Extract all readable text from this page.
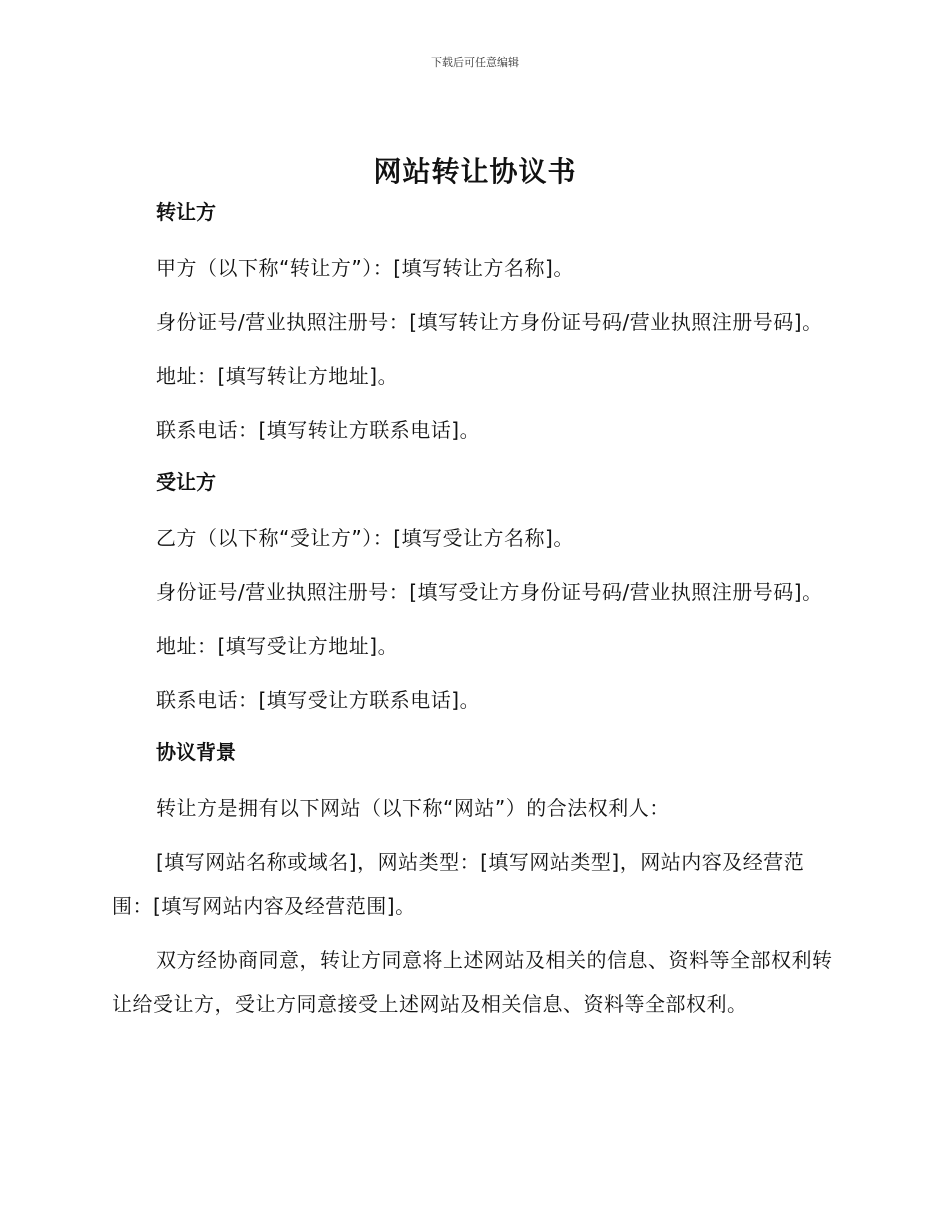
下载后可任意编辑
网站转让协议书
转让方

甲方（以下称“转让方”）：[填写转让方名称]。

身份证号/营业执照注册号：[填写转让方身份证号码/营业执照注册号码]。

地址：[填写转让方地址]。

联系电话：[填写转让方联系电话]。

受让方

乙方（以下称“受让方”）：[填写受让方名称]。

身份证号/营业执照注册号：[填写受让方身份证号码/营业执照注册号码]。

地址：[填写受让方地址]。

联系电话：[填写受让方联系电话]。

协议背景

转让方是拥有以下网站（以下称“网站”）的合法权利人：

[填写网站名称或域名]，网站类型：[填写网站类型]，网站内容及经营范围：[填写网站内容及经营范围]。

双方经协商同意，转让方同意将上述网站及相关的信息、资料等全部权利转让给受让方，受让方同意接受上述网站及相关信息、资料等全部权利。
